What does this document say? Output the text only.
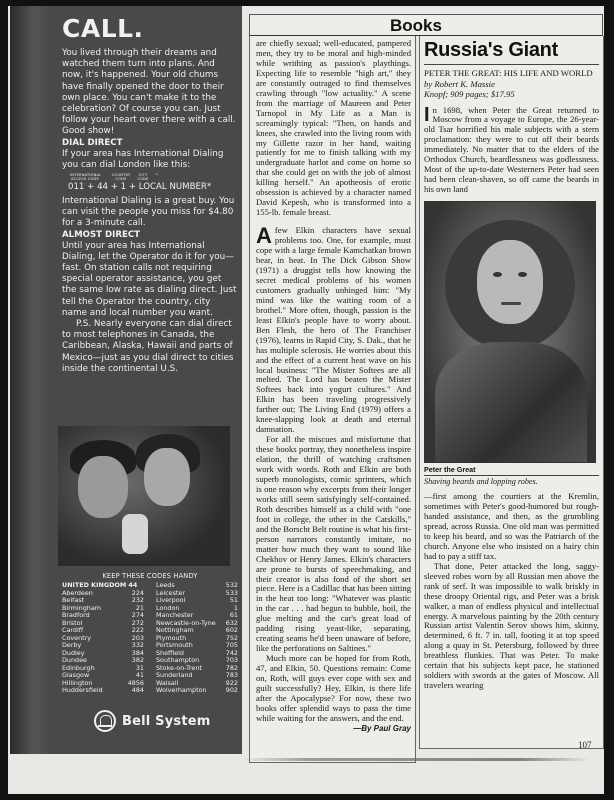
CALL.

You lived through their dreams and watched them turn into plans. And now, it's happened. Your old chums have finally opened the door to their own place. You can't make it to the celebration? Of course you can. Just follow your heart over there with a call. Good show!

DIAL DIRECT

If your area has International Dialing you can dial London like this:

INTERNATIONAL ACCESS CODE
COUNTRY CODE
CITY CODE
*
011 + 44 + 1 + LOCAL NUMBER*

International Dialing is a great buy. You can visit the people you miss for $4.80 for a 3-minute call.

ALMOST DIRECT

Until your area has International Dialing, let the Operator do it for you—fast. On station calls not requiring special operator assistance, you get the same low rate as dialing direct. Just tell the Operator the country, city name and local number you want.

P.S. Nearly everyone can dial direct to most telephones in Canada, the Caribbean, Alaska, Hawaii and parts of Mexico—just as you dial direct to cities inside the continental U.S.

KEEP THESE CODES HANDY
UNITED KINGDOM 44
Aberdeen	224
Belfast	232
Birmingham	21
Bradford	274
Bristol	272
Cardiff	222
Coventry	203
Derby	332
Dudley	384
Dundee	382
Edinburgh	31
Glasgow	41
Hillington	4856
Huddersfield	484
Leeds	532
Leicester	533
Liverpool	51
London	1
Manchester	61
Newcastle-on-Tyne 632
Nottingham	602
Plymouth	752
Portsmouth	705
Sheffield	742
Southampton	703
Stoke-on-Trent	782
Sunderland	783
Walsall	922
Wolverhampton	902
Bell System
Books

are chiefly sexual; well-educated, pampered men, they try to be moral and high-minded while writhing as passion's playthings. Expecting life to resemble "high art," they are constantly outraged to find themselves crawling through "low actuality." A scene from the marriage of Maureen and Peter Tarnopol in My Life as a Man is screamingly typical: "Then, on hands and knees, she crawled into the living room with my Gillette razor in her hand, waiting patiently for me to finish talking with my undergraduate harlot and come on home so that she could get on with the job of almost killing herself." An apotheosis of erotic obsession is achieved by a character named David Kepesh, who is transformed into a 155-lb. female breast.

Afew Elkin characters have sexual problems too. One, for example, must cope with a large female Kamchatkan brown bear, in heat. In The Dick Gibson Show (1971) a druggist tells how knowing the secret medical problems of his women customers gradually unhinged him: "My mind was like the waiting room of a brothel." More often, though, passion is the least Elkin's people have to worry about. Ben Flesh, the hero of The Franchiser (1976), learns in Rapid City, S. Dak., that he has multiple sclerosis. He worries about this and the effect of a current heat wave on his local business: "The Mister Softees are all melted. The Lord has beaten the Mister Softees back into yogurt cultures." And Elkin has been traveling progressively farther out; The Living End (1979) offers a knee-slapping look at death and eternal damnation.

For all the miscues and misfortune that these books portray, they nonetheless inspire elation, the thrill of watching craftsmen work with words. Roth and Elkin are both superb monologists, comic sprinters, which is one reason why excerpts from their longer works still seem satisfyingly self-contained. Roth describes himself as a child with "one foot in college, the other in the Catskills," and the Borscht Belt routine is what his first-person narrators constantly imitate, no matter how much they want to sound like Chekhov or Henry James. Elkin's characters are prone to bursts of speechmaking, and their creator is also fond of the short set piece. Here is a Cadillac that has been sitting in the heat too long: "Whatever was plastic in the car . . . had begun to bubble, boil, the glue melting and the car's great load of padding rising yeast-like, separating, creating seams he'd been unaware of before, like the perforations on Saltines."

Much more can be hoped for from Roth, 47, and Elkin, 50. Questions remain: Come on, Roth, will guys ever cope with sex and guilt successfully? Hey, Elkin, is there life after the Apocalypse? For now, these two books offer splendid ways to pass the time while waiting for the answers, and the end.
—By Paul Gray

Russia's Giant

PETER THE GREAT: HIS LIFE AND WORLD by Robert K. Massie
Knopf; 909 pages; $17.95

In 1698, when Peter the Great returned to Moscow from a voyage to Europe, the 26-year-old Tsar horrified his male subjects with a stern proclamation: they were to cut off their beards immediately. No matter that to the elders of the Orthodox Church, beardlessness was godlessness. Most of the up-to-date Westerners Peter had seen had been clean-shaven, so off came the beards in his own land

Peter the Great

Shaving beards and lopping robes.

—first among the courtiers at the Kremlin, sometimes with Peter's good-humored but rough-handed assistance, and then, as the grumbling spread, across Russia. One old man was permitted to keep his beard, and so was the Patriarch of the church. Anyone else who insisted on a hairy chin had to pay a stiff tax.

That done, Peter attacked the long, saggy-sleeved robes worn by all Russian men above the rank of serf. It was impossible to walk briskly in these droopy Oriental rigs, and Peter was a brisk walker, a man of endless physical and intellectual energy. A marvelous painting by the 20th century Russian artist Valentin Serov shows him, skinny, determined, 6 ft. 7 in. tall, footing it at top speed along a quay in St. Petersburg, followed by three breathless flunkies. That was Peter. To make certain that his subjects kept pace, he stationed soldiers with swords at the gates of Moscow. All travelers wearing

107
